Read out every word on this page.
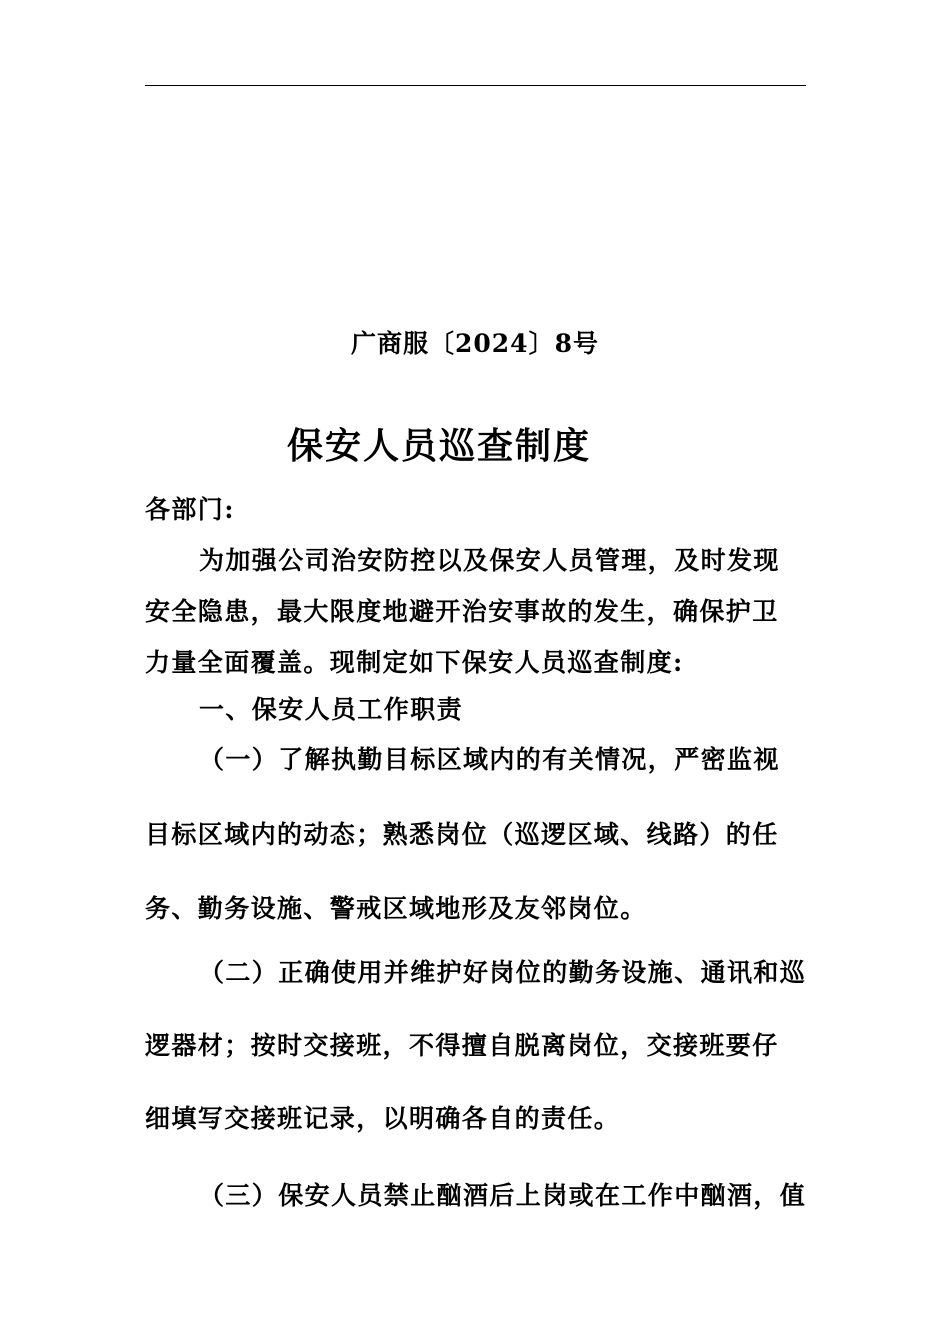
广商服〔2024〕8号
保安人员巡查制度
各部门:
为加强公司治安防控以及保安人员管理，及时发现
安全隐患，最大限度地避开治安事故的发生，确保护卫
力量全面覆盖。现制定如下保安人员巡查制度:
一、保安人员工作职责
（一）了解执勤目标区域内的有关情况，严密监视
目标区域内的动态；熟悉岗位（巡逻区域、线路）的任
务、勤务设施、警戒区域地形及友邻岗位。
（二）正确使用并维护好岗位的勤务设施、通讯和巡
逻器材；按时交接班，不得擅自脱离岗位，交接班要仔
细填写交接班记录，以明确各自的责任。
（三）保安人员禁止酗酒后上岗或在工作中酗酒，值
